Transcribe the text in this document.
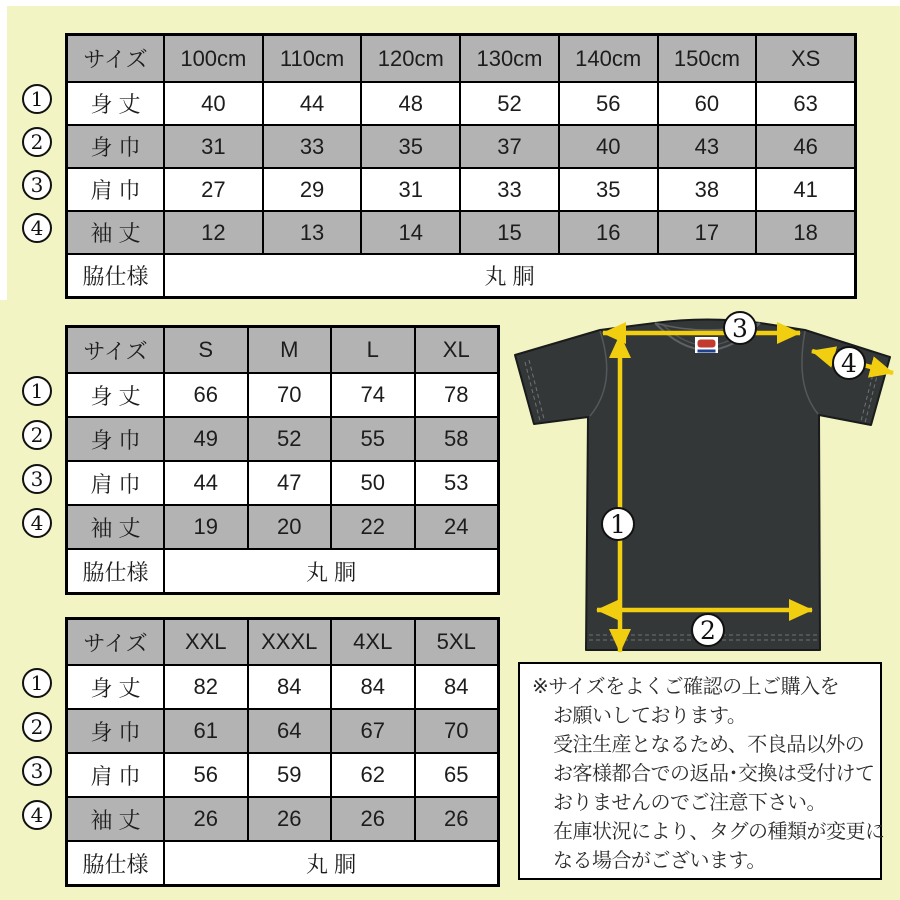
1
2
3
4
1
2
3
4
1
2
3
4
サイズ	100cm	110cm	120cm	130cm	140cm	150cm	XS
身 丈	40	44	48	52	56	60	63
身 巾	31	33	35	37	40	43	46
肩 巾	27	29	31	33	35	38	41
袖 丈	12	13	14	15	16	17	18
脇仕様	丸 胴
サイズ	S	M	L	XL
身 丈	66	70	74	78
身 巾	49	52	55	58
肩 巾	44	47	50	53
袖 丈	19	20	22	24
脇仕様	丸 胴
サイズ	XXL	XXXL	4XL	5XL
身 丈	82	84	84	84
身 巾	61	64	67	70
肩 巾	56	59	62	65
袖 丈	26	26	26	26
脇仕様	丸 胴
1
2
3
4

※サイズをよくご確認の上ご購入を

お願いしております。

受注生産となるため、不良品以外の

お客様都合での返品･交換は受付けて

おりませんのでご注意下さい。

在庫状況により、タグの種類が変更に

なる場合がございます。
